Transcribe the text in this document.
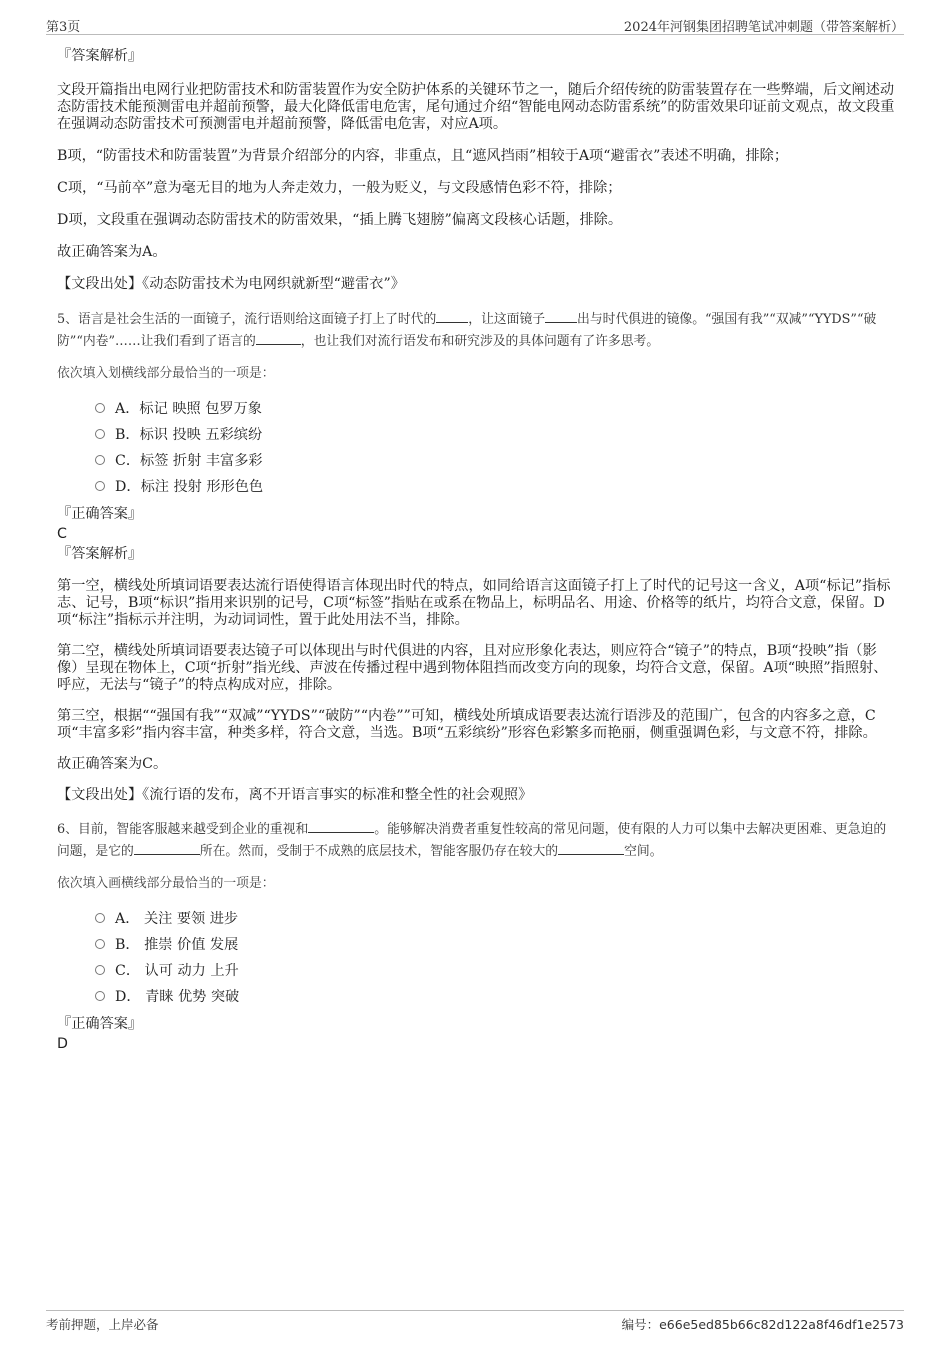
第3页	2024年河钢集团招聘笔试冲刺题（带答案解析）

『答案解析』

文段开篇指出电网行业把防雷技术和防雷装置作为安全防护体系的关键环节之一，随后介绍传统的防雷装置存在一些弊端，后文阐述动态防雷技术能预测雷电并超前预警，最大化降低雷电危害，尾句通过介绍“智能电网动态防雷系统”的防雷效果印证前文观点，故文段重在强调动态防雷技术可预测雷电并超前预警，降低雷电危害，对应A项。

B项，“防雷技术和防雷装置”为背景介绍部分的内容，非重点，且“遮风挡雨”相较于A项“避雷衣”表述不明确，排除；

C项，“马前卒”意为毫无目的地为人奔走效力，一般为贬义，与文段感情色彩不符，排除；

D项，文段重在强调动态防雷技术的防雷效果，“插上腾飞翅膀”偏离文段核心话题，排除。

故正确答案为A。

【文段出处】《动态防雷技术为电网织就新型“避雷衣”》

5、语言是社会生活的一面镜子，流行语则给这面镜子打上了时代的	，让这面镜子	出与时代俱进的镜像。“强国有我”“双减”“YYDS”“破防”“内卷”……让我们看到了语言的	，也让我们对流行语发布和研究涉及的具体问题有了许多思考。

依次填入划横线部分最恰当的一项是：

A．标记 映照 包罗万象
B．标识 投映 五彩缤纷
C．标签 折射 丰富多彩
D．标注 投射 形形色色

『正确答案』

C

『答案解析』

第一空，横线处所填词语要表达流行语使得语言体现出时代的特点，如同给语言这面镜子打上了时代的记号这一含义，A项“标记”指标志、记号，B项“标识”指用来识别的记号，C项“标签”指贴在或系在物品上，标明品名、用途、价格等的纸片，均符合文意，保留。D项“标注”指标示并注明，为动词词性，置于此处用法不当，排除。

第二空，横线处所填词语要表达镜子可以体现出与时代俱进的内容，且对应形象化表达，则应符合“镜子”的特点，B项“投映”指（影像）呈现在物体上，C项“折射”指光线、声波在传播过程中遇到物体阻挡而改变方向的现象，均符合文意，保留。A项“映照”指照射、呼应，无法与“镜子”的特点构成对应，排除。

第三空，根据““强国有我”“双减”“YYDS”“破防”“内卷””可知，横线处所填成语要表达流行语涉及的范围广，包含的内容多之意，C项“丰富多彩”指内容丰富，种类多样，符合文意，当选。B项“五彩缤纷”形容色彩繁多而艳丽，侧重强调色彩，与文意不符，排除。

故正确答案为C。

【文段出处】《流行语的发布，离不开语言事实的标准和整全性的社会观照》

6、目前，智能客服越来越受到企业的重视和	。能够解决消费者重复性较高的常见问题，使有限的人力可以集中去解决更困难、更急迫的问题，是它的	所在。然而，受制于不成熟的底层技术，智能客服仍存在较大的	空间。

依次填入画横线部分最恰当的一项是：

A． 关注 要领 进步
B． 推崇 价值 发展
C． 认可 动力 上升
D． 青睐 优势 突破

『正确答案』

D

考前押题，上岸必备	编号：e66e5ed85b66c82d122a8f46df1e2573
